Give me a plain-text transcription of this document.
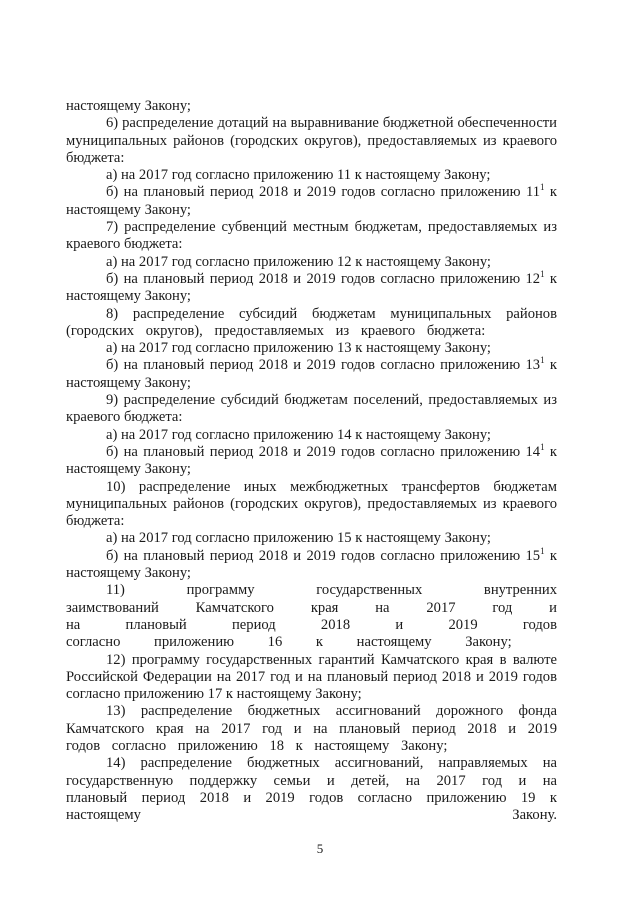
настоящему Закону;

6) распределение дотаций на выравнивание бюджетной обеспеченности муниципальных районов (городских округов), предоставляемых из краевого бюджета:

а) на 2017 год согласно приложению 11 к настоящему Закону;

б) на плановый период 2018 и 2019 годов согласно приложению $11^1$ к настоящему Закону;

7) распределение субвенций местным бюджетам, предоставляемых из краевого бюджета:

а) на 2017 год согласно приложению 12 к настоящему Закону;

б) на плановый период 2018 и 2019 годов согласно приложению $12^1$ к настоящему Закону;

8) распределение субсидий бюджетам муниципальных районов (городских округов), предоставляемых из краевого бюджета:

а) на 2017 год согласно приложению 13 к настоящему Закону;

б) на плановый период 2018 и 2019 годов согласно приложению $13^1$ к настоящему Закону;

9) распределение субсидий бюджетам поселений, предоставляемых из краевого бюджета:

а) на 2017 год согласно приложению 14 к настоящему Закону;

б) на плановый период 2018 и 2019 годов согласно приложению $14^1$ к настоящему Закону;

10) распределение иных межбюджетных трансфертов бюджетам муниципальных районов (городских округов), предоставляемых из краевого бюджета:

а) на 2017 год согласно приложению 15 к настоящему Закону;

б) на плановый период 2018 и 2019 годов согласно приложению $15^1$ к настоящему Закону;

11) программу государственных внутренних заимствований Камчатского края на 2017 год и на плановый период 2018 и 2019 годов согласно приложению 16 к настоящему Закону;

12) программу государственных гарантий Камчатского края в валюте Российской Федерации на 2017 год и на плановый период 2018 и 2019 годов согласно приложению 17 к настоящему Закону;

13) распределение бюджетных ассигнований дорожного фонда Камчатского края на 2017 год и на плановый период 2018 и 2019 годов согласно приложению 18 к настоящему Закону;

14) распределение бюджетных ассигнований, направляемых на государственную поддержку семьи и детей, на 2017 год и на плановый период 2018 и 2019 годов согласно приложению 19 к настоящему Закону.

5
